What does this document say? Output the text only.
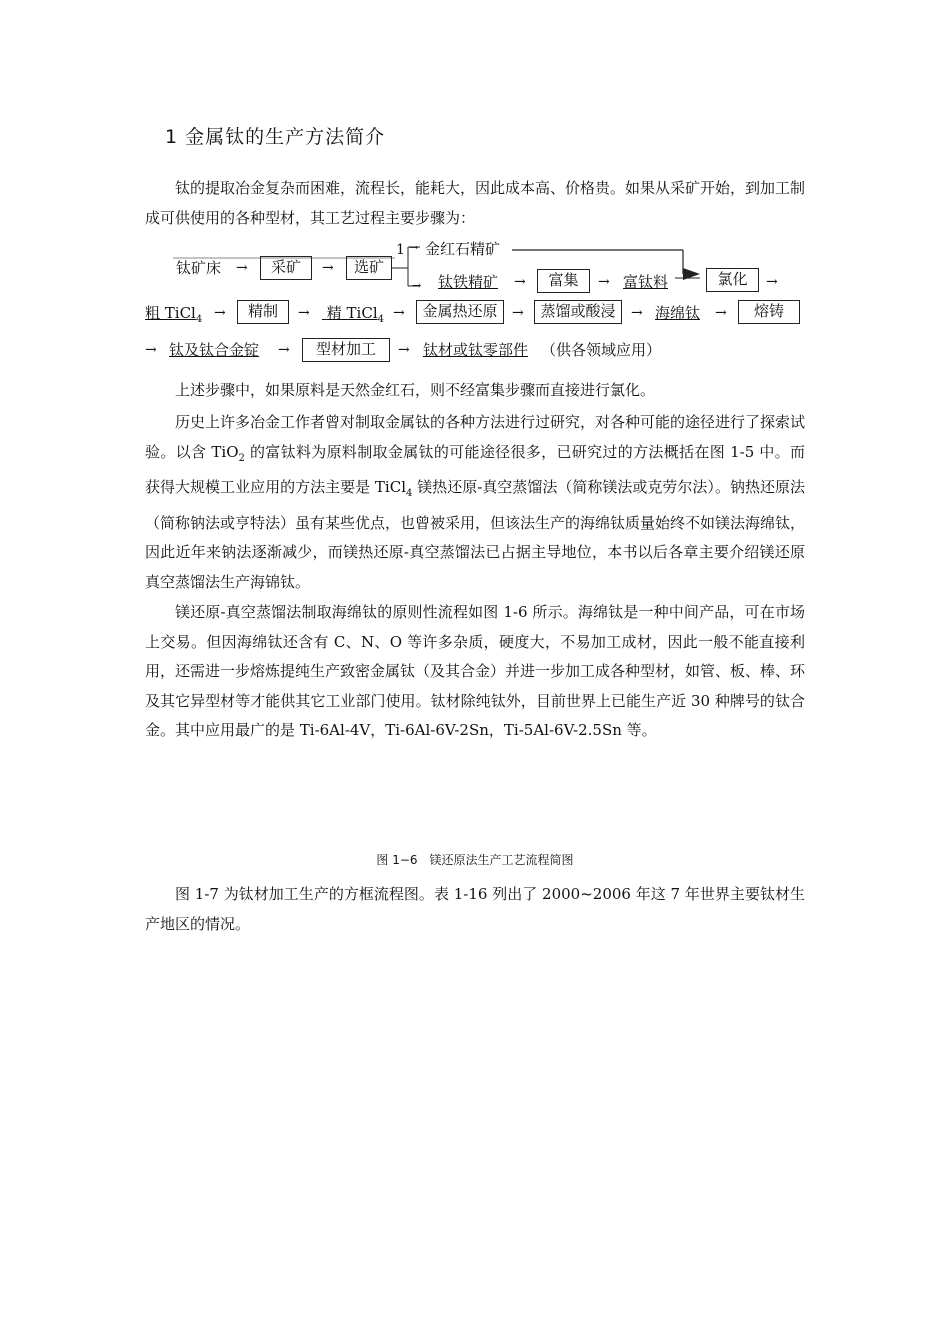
1 金属钛的生产方法简介

钛的提取冶金复杂而困难，流程长，能耗大，因此成本高、价格贵。如果从采矿开始，到加工制成可供使用的各种型材，其工艺过程主要步骤为：

钛矿床 →	采矿	→	选矿
1 → 金红石精矿
→ 钛铁精矿 →	富集	→ 富钛料	氯化	→
粗 TiCl$_4$ →	精制	→	精 TiCl$_4$ →	金属热还原	→	蒸馏或酸浸	→ 海绵钛 →	熔铸
→ 钛及钛合金锭 →	型材加工	→ 钛材或钛零部件 （供各领域应用）

上述步骤中，如果原料是天然金红石，则不经富集步骤而直接进行氯化。

历史上许多冶金工作者曾对制取金属钛的各种方法进行过研究，对各种可能的途径进行了探索试验。以含 TiO$_2$ 的富钛料为原料制取金属钛的可能途径很多，已研究过的方法概括在图 1-5 中。而获得大规模工业应用的方法主要是 TiCl$_4$ 镁热还原-真空蒸馏法（简称镁法或克劳尔法）。钠热还原法（简称钠法或亨特法）虽有某些优点，也曾被采用，但该法生产的海绵钛质量始终不如镁法海绵钛，因此近年来钠法逐渐减少，而镁热还原-真空蒸馏法已占据主导地位，本书以后各章主要介绍镁还原真空蒸馏法生产海锦钛。

镁还原-真空蒸馏法制取海绵钛的原则性流程如图 1-6 所示。海绵钛是一种中间产品，可在市场上交易。但因海绵钛还含有 C、N、O 等许多杂质，硬度大，不易加工成材，因此一般不能直接利用，还需进一步熔炼提纯生产致密金属钛（及其合金）并进一步加工成各种型材，如管、板、棒、环及其它异型材等才能供其它工业部门使用。钛材除纯钛外，目前世界上已能生产近 30 种牌号的钛合金。其中应用最广的是 Ti-6Al-4V，Ti-6Al-6V-2Sn，Ti-5Al-6V-2.5Sn 等。

图 1−6　镁还原法生产工艺流程简图

图 1-7 为钛材加工生产的方框流程图。表 1-16 列出了 2000~2006 年这 7 年世界主要钛材生产地区的情况。
